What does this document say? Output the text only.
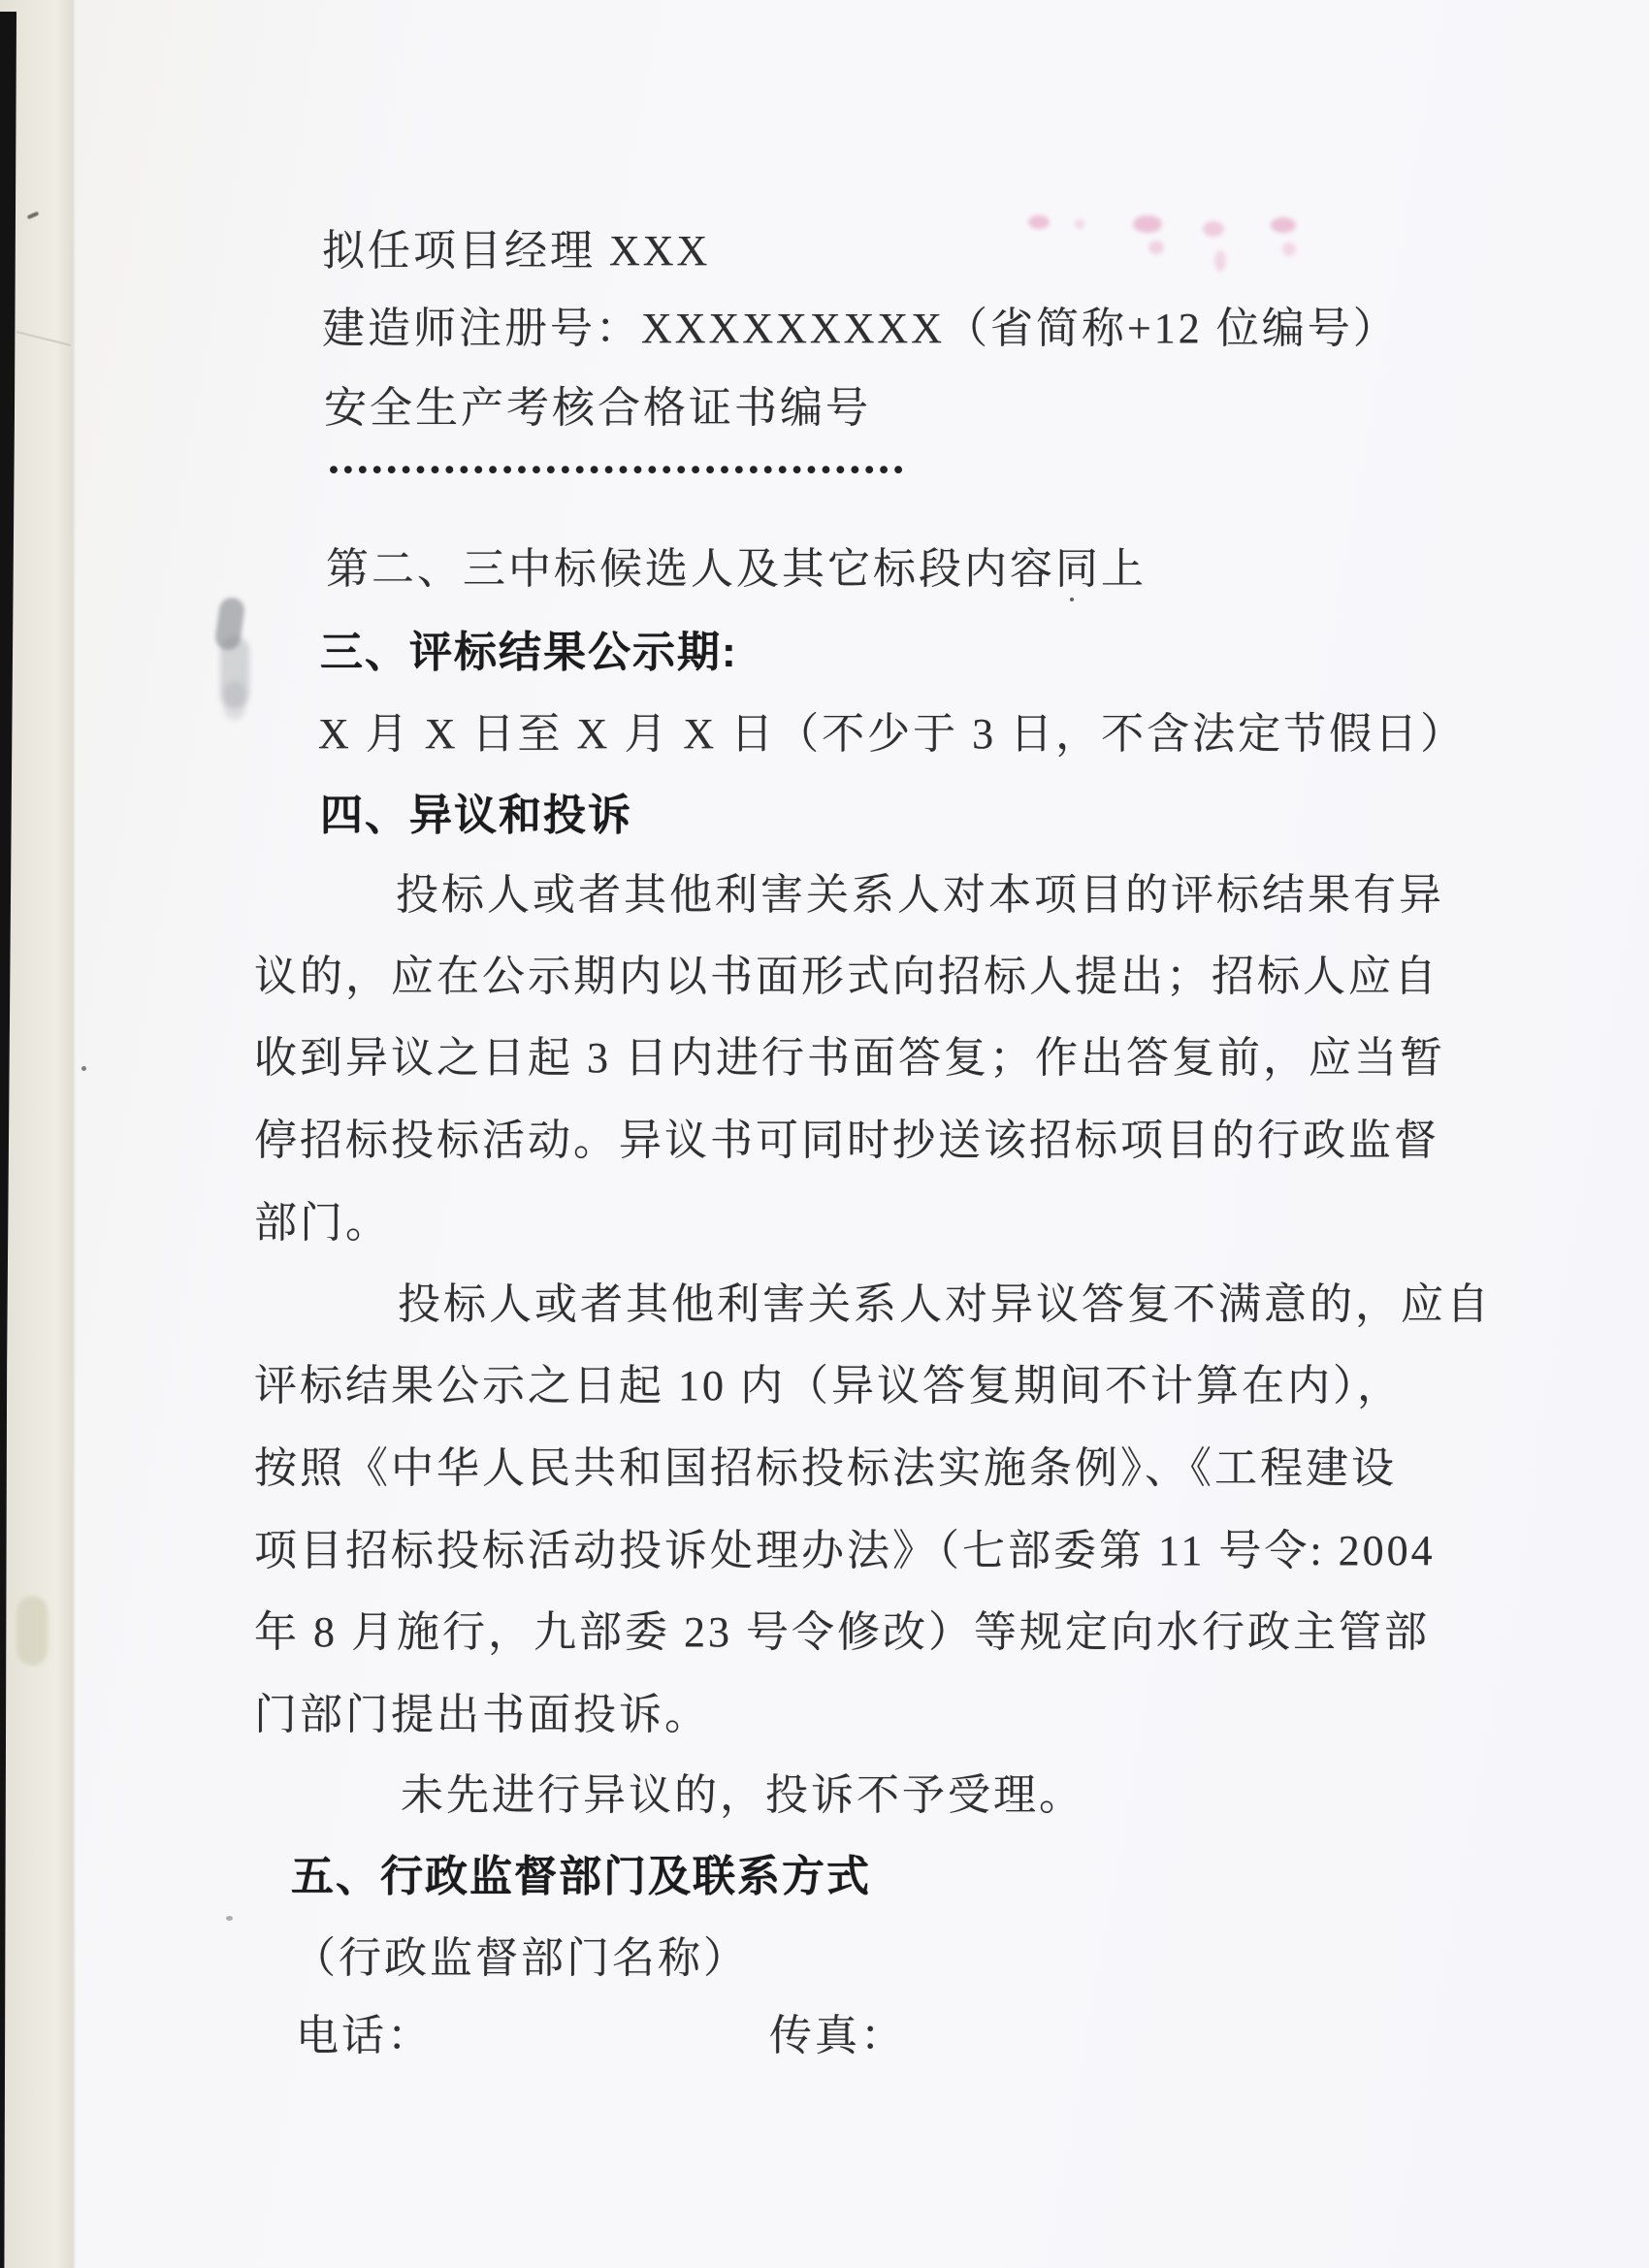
拟任项目经理 XXX
建造师注册号：XXXXXXXXX（省简称+12 位编号）
安全生产考核合格证书编号
••••••••••••••••••••••••••••••••••••••••
第二、三中标候选人及其它标段内容同上
三、评标结果公示期:
X 月 X 日至 X 月 X 日（不少于 3 日，不含法定节假日）
四、异议和投诉
投标人或者其他利害关系人对本项目的评标结果有异
议的，应在公示期内以书面形式向招标人提出；招标人应自
收到异议之日起 3 日内进行书面答复；作出答复前，应当暂
停招标投标活动。异议书可同时抄送该招标项目的行政监督
部门。
投标人或者其他利害关系人对异议答复不满意的，应自
评标结果公示之日起 10 内（异议答复期间不计算在内），
按照《中华人民共和国招标投标法实施条例》、《工程建设
项目招标投标活动投诉处理办法》（七部委第 11 号令: 2004
年 8 月施行，九部委 23 号令修改）等规定向水行政主管部
门部门提出书面投诉。
未先进行异议的，投诉不予受理。
五、行政监督部门及联系方式
（行政监督部门名称）
电话：	传真：
